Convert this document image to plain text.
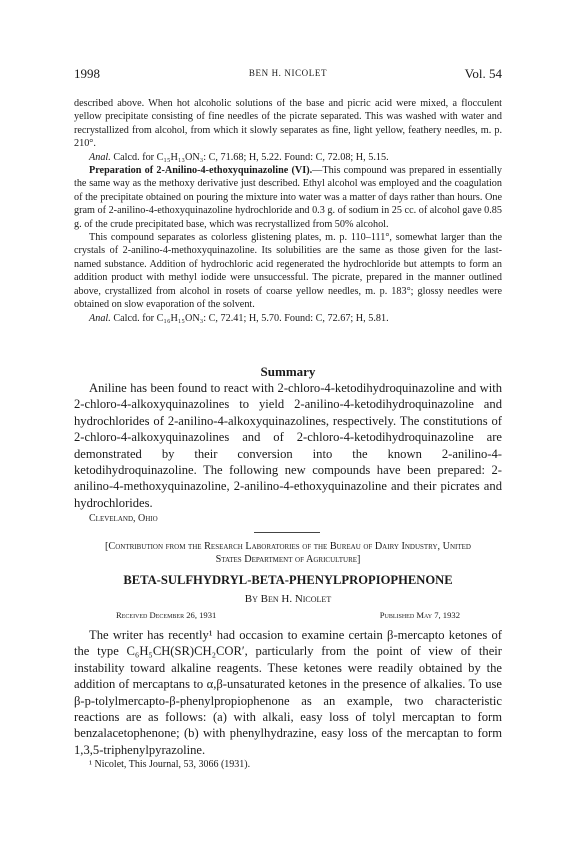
1998	BEN H. NICOLET	Vol. 54

described above. When hot alcoholic solutions of the base and picric acid were mixed, a flocculent yellow precipitate consisting of fine needles of the picrate separated. This was washed with water and recrystallized from alcohol, from which it slowly separates as fine, light yellow, feathery needles, m. p. 210°.

Anal. Calcd. for C₁₅H₁₃ON₃: C, 71.68; H, 5.22. Found: C, 72.08; H, 5.15.

Preparation of 2-Anilino-4-ethoxyquinazoline (VI).—This compound was prepared in essentially the same way as the methoxy derivative just described. Ethyl alcohol was employed and the coagulation of the precipitate obtained on pouring the mixture into water was a matter of days rather than hours. One gram of 2-anilino-4-ethoxyquinazoline hydrochloride and 0.3 g. of sodium in 25 cc. of alcohol gave 0.85 g. of the crude precipitated base, which was recrystallized from 50% alcohol.

This compound separates as colorless glistening plates, m. p. 110–111°, somewhat larger than the crystals of 2-anilino-4-methoxyquinazoline. Its solubilities are the same as those given for the last-named substance. Addition of hydrochloric acid regenerated the hydrochloride but attempts to form an addition product with methyl iodide were unsuccessful. The picrate, prepared in the manner outlined above, crystallized from alcohol in rosets of coarse yellow needles, m. p. 183°; glossy needles were obtained on slow evaporation of the solvent.

Anal. Calcd. for C₁₆H₁₅ON₃: C, 72.41; H, 5.70. Found: C, 72.67; H, 5.81.

Summary

Aniline has been found to react with 2-chloro-4-ketodihydroquinazoline and with 2-chloro-4-alkoxyquinazolines to yield 2-anilino-4-ketodihydroquinazoline and hydrochlorides of 2-anilino-4-alkoxyquinazolines, respectively. The constitutions of 2-chloro-4-alkoxyquinazolines and of 2-chloro-4-ketodihydroquinazoline are demonstrated by their conversion into the known 2-anilino-4-ketodihydroquinazoline. The following new compounds have been prepared: 2-anilino-4-methoxyquinazoline, 2-anilino-4-ethoxyquinazoline and their picrates and hydrochlorides.

Cleveland, Ohio

[Contribution from the Research Laboratories of the Bureau of Dairy Industry, United States Department of Agriculture]

BETA-SULFHYDRYL-BETA-PHENYLPROPIOPHENONE

By Ben H. Nicolet

Received December 26, 1931	Published May 7, 1932

The writer has recently¹ had occasion to examine certain β-mercapto ketones of the type C₆H₅CH(SR)CH₂COR′, particularly from the point of view of their instability toward alkaline reagents. These ketones were readily obtained by the addition of mercaptans to α,β-unsaturated ketones in the presence of alkalies. To use β-p-tolylmercapto-β-phenylpropiophenone as an example, two characteristic reactions are as follows: (a) with alkali, easy loss of tolyl mercaptan to form benzalacetophenone; (b) with phenylhydrazine, easy loss of the mercaptan to form 1,3,5-triphenylpyrazoline.

¹ Nicolet, This Journal, 53, 3066 (1931).
